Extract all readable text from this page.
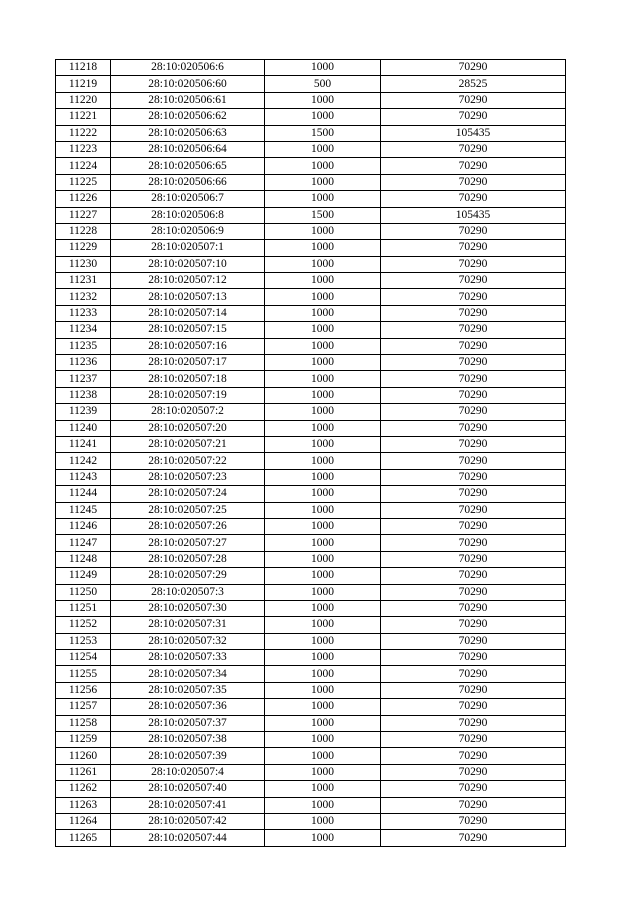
11218	28:10:020506:6	1000	70290
11219	28:10:020506:60	500	28525
11220	28:10:020506:61	1000	70290
11221	28:10:020506:62	1000	70290
11222	28:10:020506:63	1500	105435
11223	28:10:020506:64	1000	70290
11224	28:10:020506:65	1000	70290
11225	28:10:020506:66	1000	70290
11226	28:10:020506:7	1000	70290
11227	28:10:020506:8	1500	105435
11228	28:10:020506:9	1000	70290
11229	28:10:020507:1	1000	70290
11230	28:10:020507:10	1000	70290
11231	28:10:020507:12	1000	70290
11232	28:10:020507:13	1000	70290
11233	28:10:020507:14	1000	70290
11234	28:10:020507:15	1000	70290
11235	28:10:020507:16	1000	70290
11236	28:10:020507:17	1000	70290
11237	28:10:020507:18	1000	70290
11238	28:10:020507:19	1000	70290
11239	28:10:020507:2	1000	70290
11240	28:10:020507:20	1000	70290
11241	28:10:020507:21	1000	70290
11242	28:10:020507:22	1000	70290
11243	28:10:020507:23	1000	70290
11244	28:10:020507:24	1000	70290
11245	28:10:020507:25	1000	70290
11246	28:10:020507:26	1000	70290
11247	28:10:020507:27	1000	70290
11248	28:10:020507:28	1000	70290
11249	28:10:020507:29	1000	70290
11250	28:10:020507:3	1000	70290
11251	28:10:020507:30	1000	70290
11252	28:10:020507:31	1000	70290
11253	28:10:020507:32	1000	70290
11254	28:10:020507:33	1000	70290
11255	28:10:020507:34	1000	70290
11256	28:10:020507:35	1000	70290
11257	28:10:020507:36	1000	70290
11258	28:10:020507:37	1000	70290
11259	28:10:020507:38	1000	70290
11260	28:10:020507:39	1000	70290
11261	28:10:020507:4	1000	70290
11262	28:10:020507:40	1000	70290
11263	28:10:020507:41	1000	70290
11264	28:10:020507:42	1000	70290
11265	28:10:020507:44	1000	70290
